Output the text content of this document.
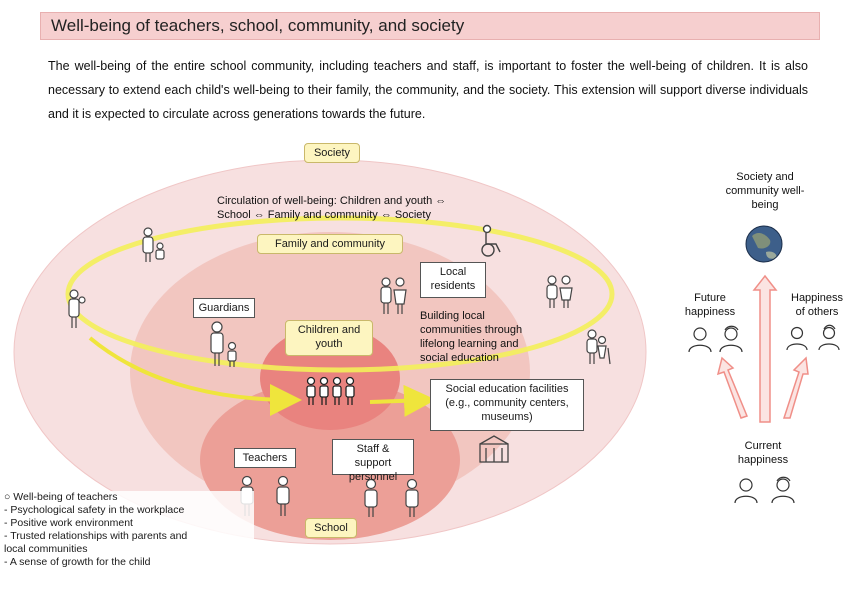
Well-being of teachers, school, community, and society
The well-being of the entire school community, including teachers and staff, is important to foster the well-being of children. It is also necessary to extend each child's well-being to their family, the community, and the society. This extension will support diverse individuals and it is expected to circulate across generations towards the future.
Society
Circulation of well-being: Children and youth ⇔
School ⇔ Family and community ⇔ Society
Family and community
Guardians
Local residents
Children and youth
Building local communities through lifelong learning and social education
Social education facilities (e.g., community centers, museums)
Teachers
Staff & support personnel
School
Society and community well-being
Future happiness
Happiness of others
Current happiness
○ Well-being of teachers
- Psychological safety in the workplace
- Positive work environment
- Trusted relationships with parents and
local communities
- A sense of growth for the child
